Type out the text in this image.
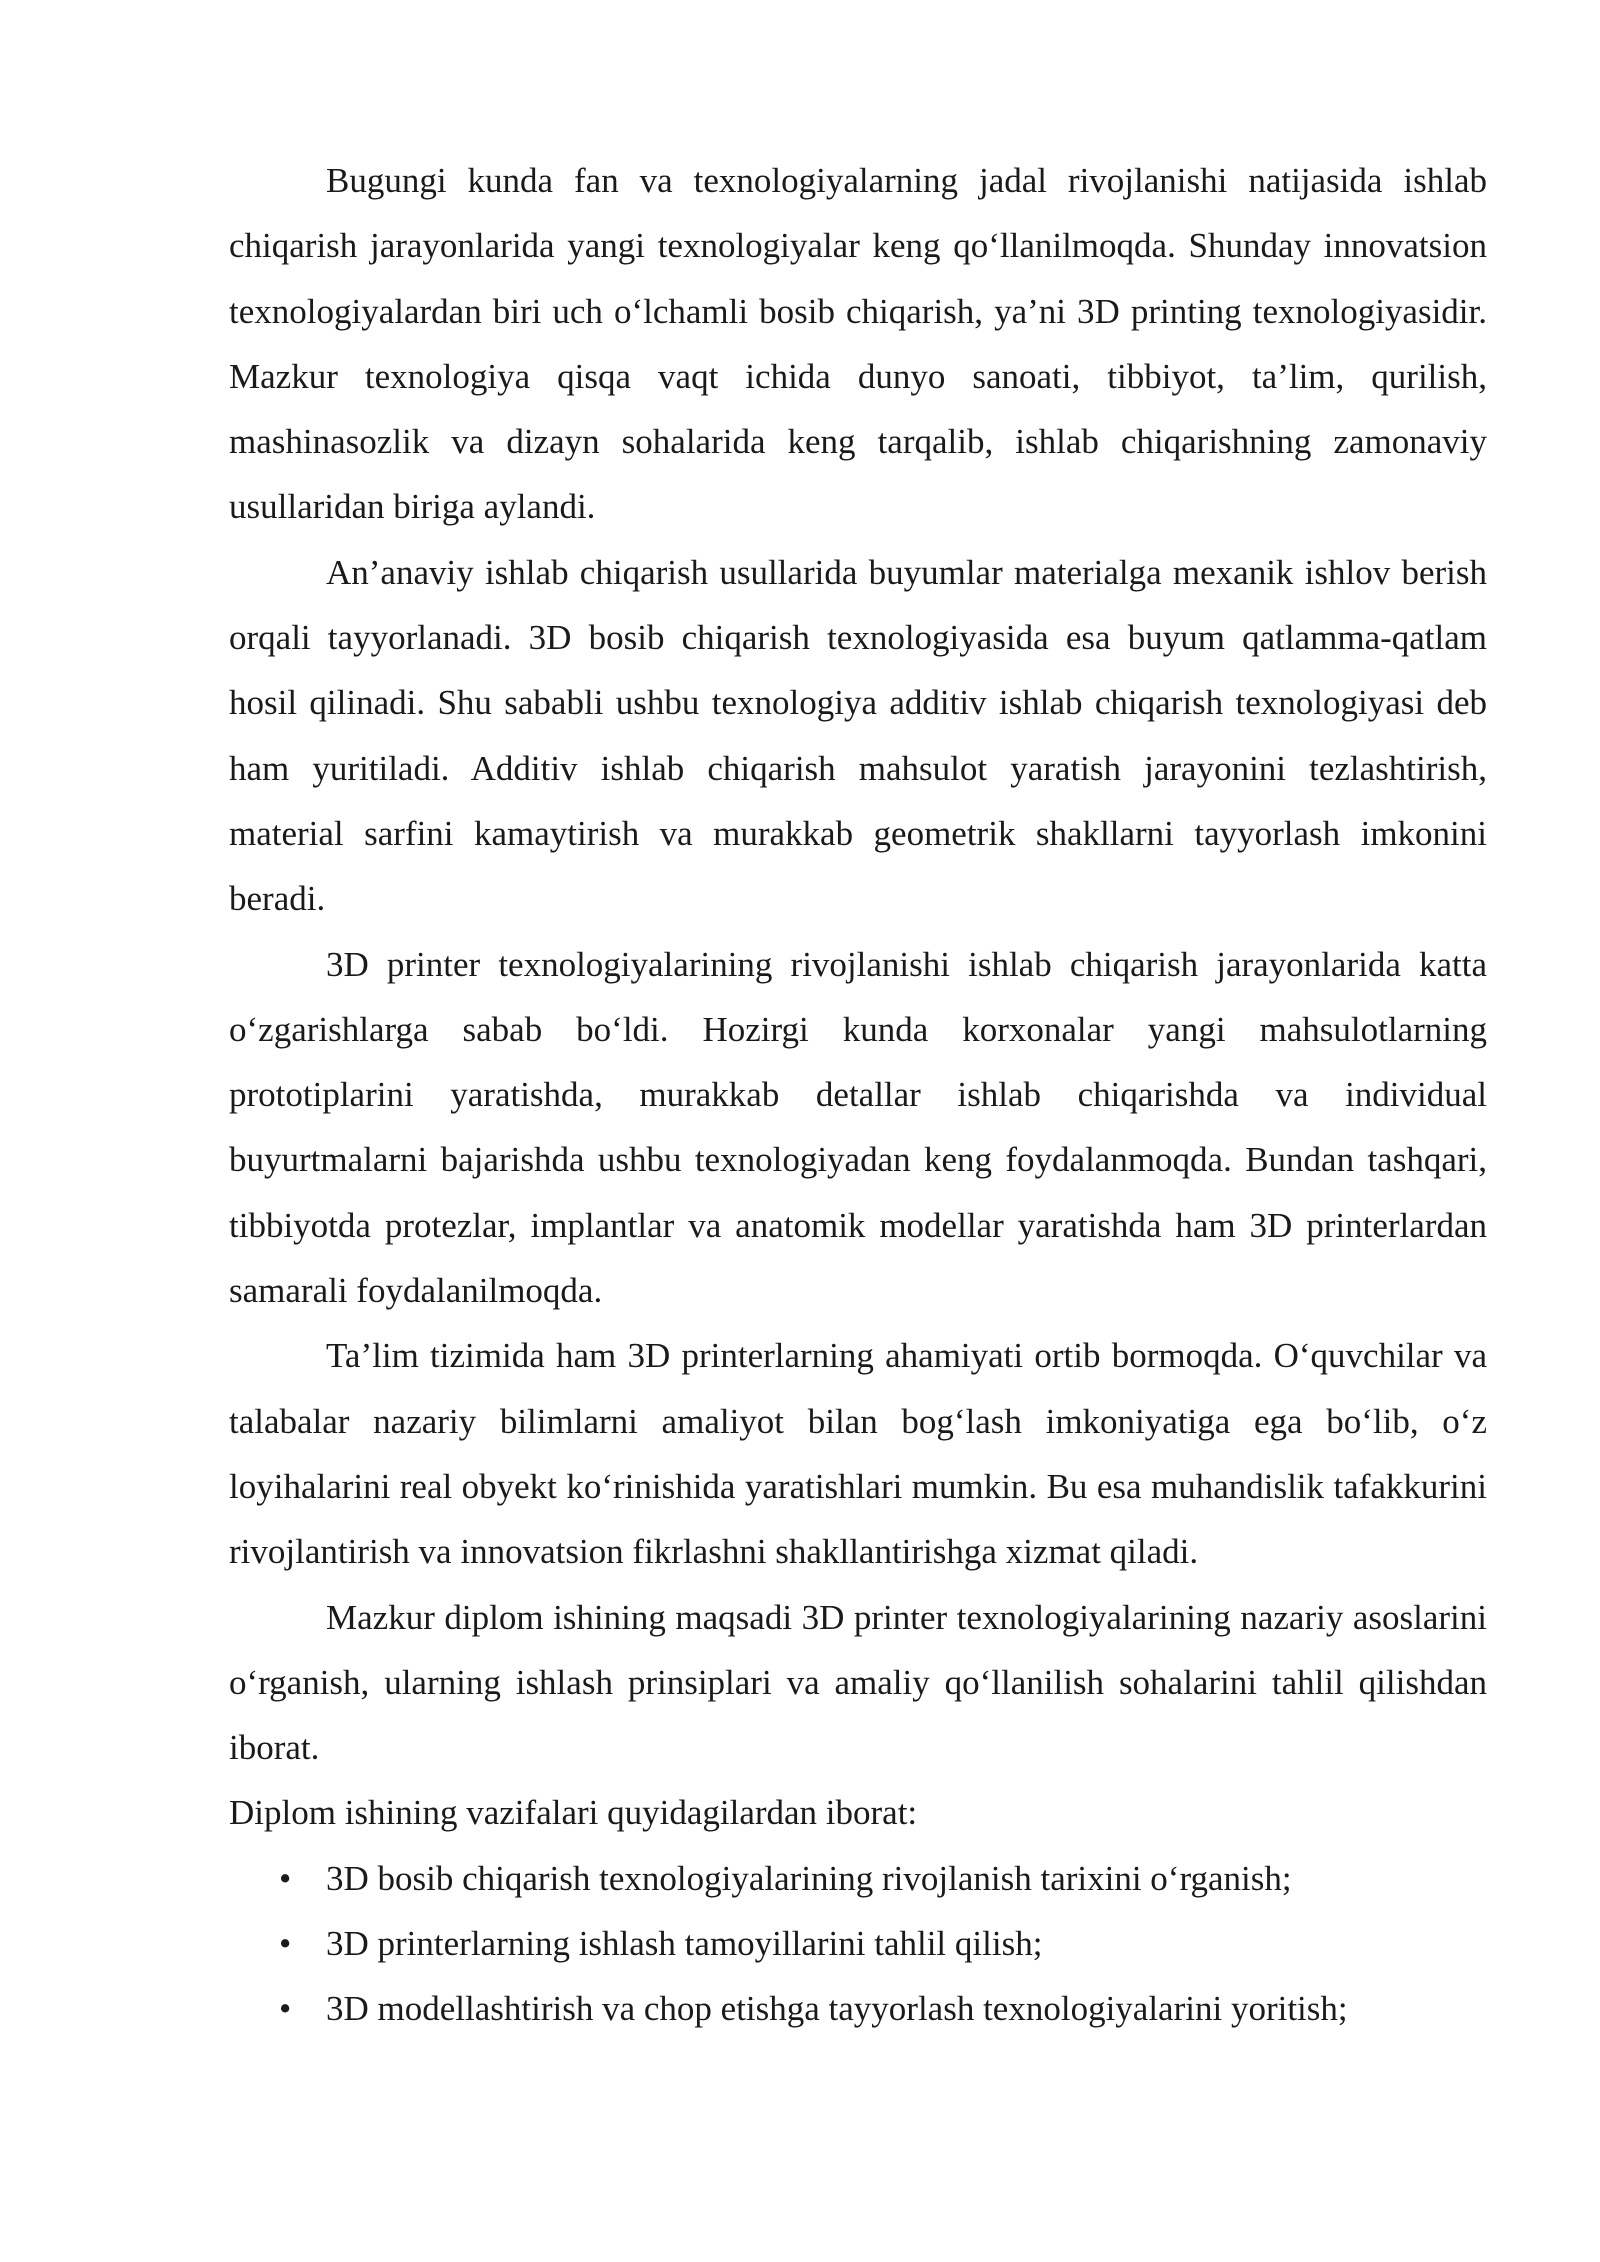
Bugungi kunda fan va texnologiyalarning jadal rivojlanishi natijasida ishlab chiqarish jarayonlarida yangi texnologiyalar keng qo‘llanilmoqda. Shunday innovatsion texnologiyalardan biri uch o‘lchamli bosib chiqarish, ya’ni 3D printing texnologiyasidir. Mazkur texnologiya qisqa vaqt ichida dunyo sanoati, tibbiyot, ta’lim, qurilish, mashinasozlik va dizayn sohalarida keng tarqalib, ishlab chiqarishning zamonaviy usullaridan biriga aylandi.

An’anaviy ishlab chiqarish usullarida buyumlar materialga mexanik ishlov berish orqali tayyorlanadi. 3D bosib chiqarish texnologiyasida esa buyum qatlamma-qatlam hosil qilinadi. Shu sababli ushbu texnologiya additiv ishlab chiqarish texnologiyasi deb ham yuritiladi. Additiv ishlab chiqarish mahsulot yaratish jarayonini tezlashtirish, material sarfini kamaytirish va murakkab geometrik shakllarni tayyorlash imkonini beradi.

3D printer texnologiyalarining rivojlanishi ishlab chiqarish jarayonlarida katta o‘zgarishlarga sabab bo‘ldi. Hozirgi kunda korxonalar yangi mahsulotlarning prototiplarini yaratishda, murakkab detallar ishlab chiqarishda va individual buyurtmalarni bajarishda ushbu texnologiyadan keng foydalanmoqda. Bundan tashqari, tibbiyotda protezlar, implantlar va anatomik modellar yaratishda ham 3D printerlardan samarali foydalanilmoqda.

Ta’lim tizimida ham 3D printerlarning ahamiyati ortib bormoqda. O‘quvchilar va talabalar nazariy bilimlarni amaliyot bilan bog‘lash imkoniyatiga ega bo‘lib, o‘z loyihalarini real obyekt ko‘rinishida yaratishlari mumkin. Bu esa muhandislik tafakkurini rivojlantirish va innovatsion fikrlashni shakllantirishga xizmat qiladi.

Mazkur diplom ishining maqsadi 3D printer texnologiyalarining nazariy asoslarini o‘rganish, ularning ishlash prinsiplari va amaliy qo‘llanilish sohalarini tahlil qilishdan iborat.

Diplom ishining vazifalari quyidagilardan iborat:

• 3D bosib chiqarish texnologiyalarining rivojlanish tarixini o‘rganish;
• 3D printerlarning ishlash tamoyillarini tahlil qilish;
• 3D modellashtirish va chop etishga tayyorlash texnologiyalarini yoritish;
